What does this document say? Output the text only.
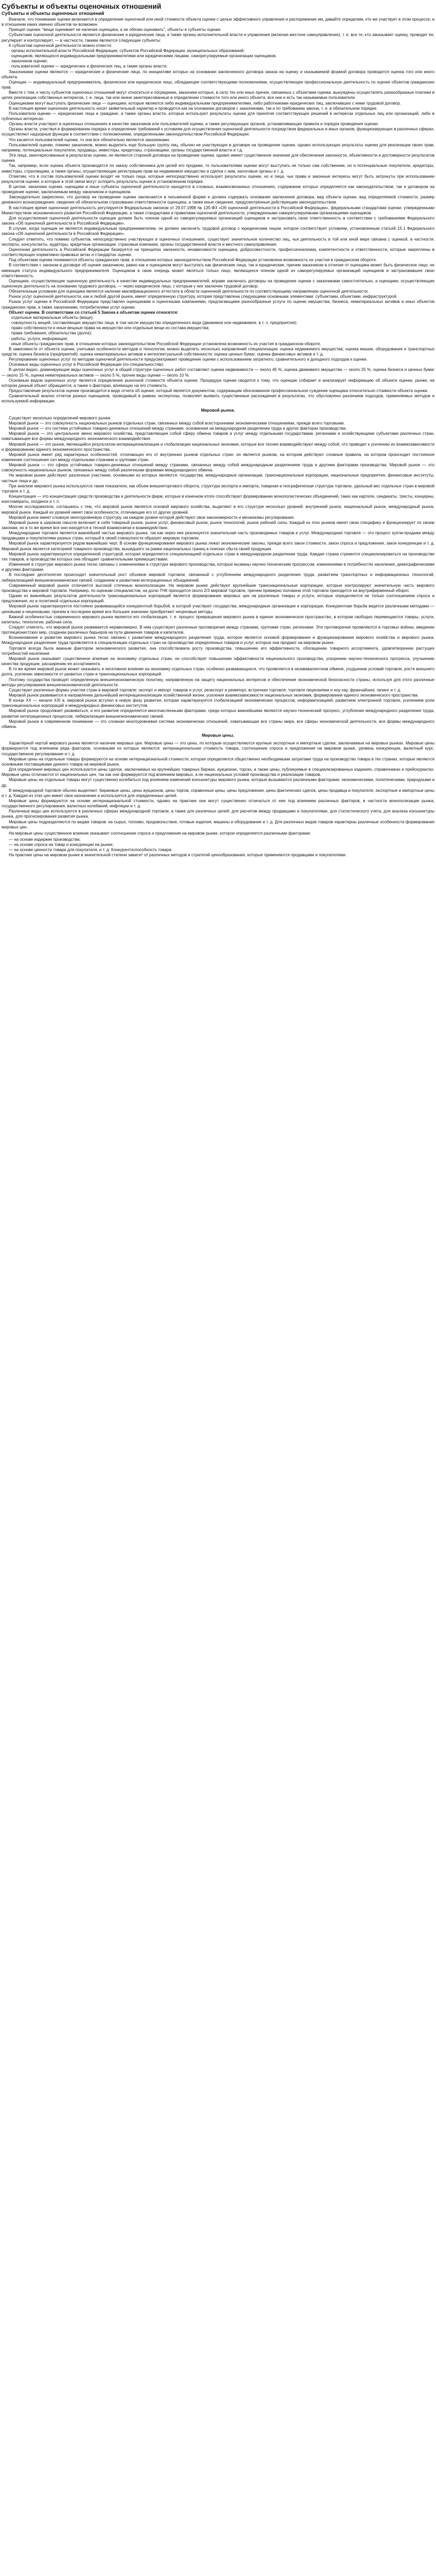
Субъекты и объекты оценочных отношений
Субъекты и объекты оценочных отношений

Вначале, что понимание оценки включается в определение оценочной или иной стоимости объекта оценки с целью эффективного управления и распоряжения им, давайте определим, кто же участвует в этом процессе, и в отношении каких именно объектов он возможен.

Принцип оценки: "вещи оценивает не наличие оценщика, а не обязан оценивать", объекты и субъекты оценки.

Субъектами оценочной деятельности являются физические и юридические лица, а также органы исполнительной власти и управления (включая местное самоуправление), т. е. все те, кто заказывает оценку, проводит ее, регулирует и контролирует, — в частности, такими являются следующие субъекты:

К субъектам оценочной деятельности можно отнести:

· органы исполнительной власти Российской Федерации, субъектов Российской Федерации, муниципальных образований;

· оценщиков, являющихся индивидуальными предпринимателями или юридическими лицами, саморегулируемые организации оценщиков;

· заказчиков оценки;

· пользователей оценки — юридических и физических лиц, а также органы власти.

Заказчиками оценки являются — юридические и физические лица, по инициативе которых на основании заключенного договора заказа на оценку и оказываемой формой договора проводится оценка того или иного объекта.

Оценщик — индивидуальный предприниматель, физическое или юридическое лицо, обладающее соответствующими полномочиями, осуществляющее профессиональную деятельность по оценке объектов гражданских прав.

Вместе с тем, к числу субъектов оценочных отношений могут относиться и посредники, заказчики которых, в силу тех или иных причин, связанных с объектами оценки, вынуждены осуществлять разнообразные платежи в целях реализации собственных интересов, т. е. лица, так или иначе заинтересованные в определении стоимости того или иного объекта, все они и есть так называемые пользователи.

Оценщиками могут выступать физические лица — оценщики, которые являются либо индивидуальными предпринимателями, либо работниками юридических лиц, заключивших с ними трудовой договор.

В настоящее время оценочная деятельность носит заявительный характер и проводится как на основании договоров с заказчиками, так и по требованию закона, т. е. в обязательном порядке.

Пользователи оценки — юридические лица и граждане, а также органы власти, которые используют результаты оценки для принятия соответствующих решений в интересах отдельных лиц или организаций, либо в публичных интересах.

Органы власти участвуют в оценочных отношениях в качестве заказчиков или пользователей оценки, а также регулирующих органов, устанавливающих правила и порядок проведения оценки.

Органы власти, участвуя в формировании порядка и определении требований к условиям для осуществления оценочной деятельности посредством федеральных и иных органов, функционирующих в различных сферах, осуществляют надзорные функции в соответствии с полномочиями, определенными законодательством Российской Федерации.

Что касается пользователей оценки, то они все обязательно являются заказчиками.

Пользователей оценки, помимо заказчиков, можно выделить еще большую группу лиц, обычно не участвующих в договоре на проведение оценки, однако использующих результаты оценки для реализации своих прав, например, потенциальные покупатели, продавцы, инвесторы, кредиторы, страховщики, органы государственной власти и т.д.

Эти лица, заинтересованные в результатах оценки, не являются стороной договора на проведение оценки, однако имеют существенное значение для обеспечения законности, объективности и достоверности результатов оценки.

Так, например, если оценка объекта производится по заказу собственника для целей его продажи, то пользователями оценки могут выступать не только сам собственник, но и потенциальные покупатели, кредиторы, инвесторы, страховщики, а также органы, осуществляющие регистрацию прав на недвижимое имущество и сделок с ним, налоговые органы и т. д.

Отметим, что в состав пользователей оценки входят не только лица, которые непосредственно используют результаты оценки, но и лица, чьи права и законные интересы могут быть затронуты при использовании результатов оценки, и которые в этой связи могут оспорить результаты оценки в установленном порядке.

В целом, заказчики оценки, оценщики и иные субъекты оценочной деятельности находятся в сложных, взаимосвязанных отношениях, содержание которых определяется как законодательством, так и договором на проведение оценки, заключаемым между заказчиком и оценщиком.

Законодательно закреплено, что договор на проведение оценки заключается в письменной форме и должен содержать основания заключения договора, вид объекта оценки, вид определяемой стоимости, размер денежного вознаграждения, сведения об обязательном страховании ответственности оценщика, а также иные сведения, предусмотренные действующим законодательством.

В настоящее время оценочная деятельность регулируется Федеральным законом от 29.07.1998 № 135-ФЗ «Об оценочной деятельности в Российской Федерации», федеральными стандартами оценки, утвержденными Министерством экономического развития Российской Федерации, а также стандартами и правилами оценочной деятельности, утвержденными саморегулируемыми организациями оценщиков.

Для осуществления оценочной деятельности оценщик должен быть членом одной из саморегулируемых организаций оценщиков и застраховать свою ответственность в соответствии с требованиями Федерального закона «Об оценочной деятельности в Российской Федерации».

В случае, когда оценщик не является индивидуальным предпринимателем, он должен заключить трудовой договор с юридическим лицом, которое соответствует условиям, установленным статьей 15.1 Федерального закона «Об оценочной деятельности в Российской Федерации».

Следует отметить, что помимо субъектов, непосредственно участвующих в оценочных отношениях, существует значительное количество лиц, чья деятельность в той или иной мере связана с оценкой, в частности: эксперты, консультанты, аудиторы, кредитные организации, страховые компании, органы государственной власти и местного самоуправления.

Оценочная деятельность в Российской Федерации базируется на принципах законности, независимости оценщика, добросовестности, профессионализма, компетентности и ответственности, которые закреплены в соответствующих нормативно-правовых актах и стандартах оценки.

Под объектами оценки понимаются объекты гражданских прав, в отношении которых законодательством Российской Федерации установлена возможность их участия в гражданском обороте.

В соответствии с законом в договоре об оценке заказчиком, равно как и оценщиком могут выступать как физические лица, так и юридические, причем заказчиком в отличие от оценщика может быть физическое лицо, не имеющее статуса индивидуального предпринимателя. Оценщиком в свою очередь может являться только лицо, являющееся членом одной из саморегулируемых организаций оценщиков и застраховавшее свою ответственность.

Оценщики, осуществляющие оценочную деятельность в качестве индивидуальных предпринимателей, вправе заключать договоры на проведение оценки с заказчиками самостоятельно, а оценщики, осуществляющие оценочную деятельность на основании трудового договора, — через юридическое лицо, с которым у них заключен трудовой договор.

Обязательным условием для оценщика является наличие квалификационного аттестата в области оценочной деятельности по соответствующему направлению оценочной деятельности.

Рынок услуг оценочной деятельности, как и любой другой рынок, имеет определенную структуру, которая представлена следующими основными элементами: субъектами, объектами, инфраструктурой.

Рынок услуг оценки в Российской Федерации представлен оценщиками и оценочными компаниями, предлагающими разнообразные услуги по оценке имущества, бизнеса, нематериальных активов и иных объектов гражданских прав, а также заказчиками, потребителями услуг оценки.

Объект оценки. В соответствии со статьей 5 Закона к объектам оценки относятся:

· отдельные материальные объекты (вещи);

· совокупность вещей, составляющих имущество лица, в том числе имущество определенного вида (движимое или недвижимое, в т. ч. предприятия);

· право собственности и иные вещные права на имущество или отдельные вещи из состава имущества;

· права требования, обязательства (долги);

· работы, услуги, информация;

· иные объекты гражданских прав, в отношении которых законодательством Российской Федерации установлена возможность их участия в гражданском обороте.

В зависимости от объекта оценки, учитывая особенности методов и технологии, можно выделить несколько направлений специализации: оценка недвижимого имущества; оценка машин, оборудования и транспортных средств; оценка бизнеса (предприятий); оценка нематериальных активов и интеллектуальной собственности; оценка ценных бумаг; оценка финансовых активов и т. д.

Регулирование оценочных услуг по методам оценочной деятельности предусматривает проведение оценки с использованием затратного, сравнительного и доходного подходов к оценке.

Основные виды оценочных услуг в Российской Федерации (по специальностям):

В целом видно, доминирующие виды оценочных услуг в общей структуре оценочных работ составляют оценка недвижимости — около 45 %, оценка движимого имущества — около 25 %, оценка бизнеса и ценных бумаг — около 15 %, оценка нематериальных активов — около 5 %, прочие виды оценки — около 10 %.

Основным видом оценочных услуг является определение рыночной стоимости объекта оценки. Процедура оценки сводится к тому, что оценщик собирает и анализирует информацию об объекте оценки, рынке, на котором данный объект обращается, а также о факторах, влияющих на его стоимость.

Предоставление результатов оценки производится в виде отчета об оценке, который является документом, содержащим обоснованное профессиональное суждение оценщика относительно стоимости объекта оценки.

Сравнительный анализ отчетов разных оценщиков, проводимый в рамках экспертизы, позволяет выявить существенные расхождения в результатах, что обусловлено различием подходов, применяемых методов и используемой информации.

Мировой рынок.

Существует несколько определений мирового рынка:

Мировой рынок — это совокупность национальных рынков отдельных стран, связанных между собой всесторонними экономическими отношениями, прежде всего торговыми.

Мировой рынок — это система устойчивых товарно-денежных отношений между странами, основанная на международном разделении труда и других факторах производства.

Мировой рынок — это центральное звено мирового хозяйства, представляющее собой сферу обмена товаров и услуг между отдельными государствами, регионами и хозяйствующими субъектами различных стран, охватывающее все формы международного экономического взаимодействия.

Мировой рынок — это рынок, являющийся результатом интернационализации и глобализации национальных экономик, которые все теснее взаимодействуют между собой, что приводит к усилению их взаимозависимости и формированию единого экономического пространства.

Мировой рынок имеет ряд характерных особенностей, отличающих его от внутренних рынков отдельных стран: он является рынком, на котором действуют сложные правила, на котором происходит постоянное изменение соотношения сил между отдельными странами и группами стран.

Мировой рынок — это сфера устойчивых товарно-денежных отношений между странами, связанных между собой международным разделением труда и другими факторами производства. Мировой рынок — это совокупность национальных рынков, связанных между собой различными формами международного обмена.

На мировом рынке действуют различные участники, основными из которых являются: государства, международные организации, транснациональные корпорации, национальные предприятия, финансовые институты, частные лица и др.

При анализе мирового рынка используются такие показатели, как объем внешнеторгового оборота, структура экспорта и импорта, товарная и географическая структура торговли, удельный вес отдельных стран в мировой торговле и т. д.

Концентрация — это концентрация средств производства и деятельности фирм, которые в конечном итоге способствуют формированию монополистических объединений, таких как картели, синдикаты, тресты, концерны, конгломераты, холдинги и т. п.

Многие исследователи, соглашаясь с тем, что мировой рынок является основой мирового хозяйства, выделяют в его структуре несколько уровней: внутренний рынок, национальный рынок, международный рынок, мировой рынок. Каждый из уровней имеет свои особенности, отличающие его от других уровней.

Мировой рынок имеет сложную многоуровневую структуру, на каждом уровне которой действуют свои закономерности и механизмы регулирования.

Мировой рынок в широком смысле включает в себя товарный рынок, рынок услуг, финансовый рынок, рынок технологий, рынок рабочей силы. Каждый из этих рынков имеет свою специфику и функционирует по своим законам, но в то же время все они находятся в тесной взаимосвязи и взаимодействии.

Международная торговля является важнейшей частью мирового рынка, так как через нее реализуется значительная часть производимых товаров и услуг. Международная торговля — это процесс купли-продажи между продавцами и покупателями разных стран, который в своей совокупности образует мировую торговлю.

Мировой рынок характеризуется рядом важнейших черт. В основе функционирования мирового рынка лежат экономические законы, прежде всего закон стоимости, закон спроса и предложения, закон конкуренции и т. д. Мировой рынок является категорией товарного производства, вышедшего за рамки национальных границ в поисках сбыта своей продукции.

Мировой рынок характеризуется определенной структурой, которая определяется специализацией отдельных стран в международном разделении труда. Каждая страна стремится специализироваться на производстве тех товаров, в производстве которых она обладает сравнительными преимуществами.

Изменения в структуре мирового рынка тесно связаны с изменениями в структуре мирового производства, которые вызваны научно-техническим прогрессом, изменениями в потребностях населения, демографическими и другими факторами.

В последние десятилетия происходит значительный рост объемов мировой торговли, связанный с углублением международного разделения труда, развитием транспортных и информационных технологий, либерализацией внешнеэкономических связей, созданием и развитием интеграционных объединений.

Современный мировой рынок отличается высокой степенью монополизации. На мировом рынке действуют крупнейшие транснациональные корпорации, которые контролируют значительную часть мирового производства и мировой торговли. Например, по оценкам специалистов, на долю ТНК приходится около 2/3 мировой торговли, причем примерно половина этой торговли приходится на внутрифирменный оборот.

Одним из важнейших результатов деятельности транснациональных корпораций является формирование мировых цен на различные товары и услуги, которые определяются не только соотношением спроса и предложения, но и политикой отдельных корпораций.

Мировой рынок характеризуется постоянно развивающейся конкурентной борьбой, в которой участвуют государства, международные организации и корпорации. Конкурентная борьба ведется различными методами — ценовыми и неценовыми, причем в последнее время все большее значение приобретают неценовые методы.

Важной особенностью современного мирового рынка является его глобализация, т. е. процесс превращения мирового рынка в единое экономическое пространство, в котором свободно перемещаются товары, услуги, капиталы, технологии, рабочая сила.

Следует отметить, что мировой рынок развивается неравномерно. В нем существуют различные противоречия между странами, группами стран, регионами. Эти противоречия проявляются в торговых войнах, введении протекционистских мер, создании различных барьеров на пути движения товаров и капиталов.

Возникновение и развитие мирового рынка тесно связано с развитием международного разделения труда, которое является основой формирования и функционирования мирового хозяйства и мирового рынка. Международное разделение труда проявляется в специализации отдельных стран на производстве определенных товаров и услуг, которые они продают на мировом рынке.

Торговля всегда была важным фактором экономического развития, она способствовала росту производства, повышению его эффективности, обогащению товарного ассортимента, удовлетворению растущих потребностей населения.

Мировой рынок оказывает существенное влияние на экономику отдельных стран, он способствует повышению эффективности национального производства, ускорению научно-технического прогресса, улучшению качества продукции, расширению ее ассортимента.

В то же время мировой рынок может оказывать и негативное влияние на экономику отдельных стран, особенно развивающихся, что проявляется в неэквивалентном обмене, ухудшении условий торговли, росте внешнего долга, усилении зависимости от развитых стран и транснациональных корпораций.

Поэтому государства проводят определенную внешнеэкономическую политику, направленную на защиту национальных интересов и обеспечение экономической безопасности страны, используя для этого различные методы регулирования внешнеэкономической деятельности.

Существуют различные формы участия стран в мировой торговле: экспорт и импорт товаров и услуг, реэкспорт и реимпорт, встречная торговля, торговля лицензиями и ноу-хау, франчайзинг, лизинг и т. д.

Мировой рынок развивается в направлении дальнейшей интернационализации хозяйственной жизни, усиления взаимозависимости национальных экономик, формирования единого экономического пространства.

В конце ХХ — начале ХХI в. мировой рынок вступил в новую фазу развития, которая характеризуется глобализацией экономических процессов, информатизацией, развитием электронной торговли, усилением роли транснациональных корпораций и международных финансовых институтов.

Мировой рынок продолжает развиваться, и его развитие определяется многочисленными факторами, среди которых важнейшими являются научно-технический прогресс, углубление международного разделения труда, развитие интеграционных процессов, либерализация внешнеэкономических связей.

Мировой рынок в современном понимании — это сложная многоуровневая система экономических отношений, охватывающая все страны мира, все сферы экономической деятельности, все формы международного обмена.

Мировые цены.

Характерной чертой мирового рынка является наличие мировых цен. Мировые цены — это цены, по которым осуществляются крупные экспортные и импортные сделки, заключаемые на мировых рынках. Мировые цены формируются под влиянием ряда факторов, основными из которых являются: интернациональная стоимость товара, соотношение спроса и предложения на мировом рынке, уровень конкуренции, валютный курс, государственное регулирование и т. д.

Мировые цены на отдельные товары формируются на основе интернациональной стоимости, которая определяется общественно необходимыми затратами труда на производство товара в тех странах, которые являются основными поставщиками данного товара на мировой рынок.

Для определения мировых цен используются цены сделок, заключаемых на крупнейших товарных биржах, аукционах, торгах, а также цены, публикуемые в специализированных изданиях, справочниках и прейскурантах. Мировые цены отличаются от национальных цен, так как они формируются под влиянием мировых, а не национальных условий производства и реализации товаров.

Мировые цены на отдельные товары могут существенно колебаться под влиянием изменений конъюнктуры мирового рынка, которые вызываются различными факторами: экономическими, политическими, природными и др.

В международной торговле обычно выделяют: биржевые цены, цены аукционов, цены торгов, справочные цены, цены предложения, цены фактических сделок, цены продавца и покупателя, экспортные и импортные цены и т. д. Каждая из этих цен имеет свое назначение и используется для определенных целей.

Мировые цены формируются на основе интернациональной стоимости, однако на практике они могут существенно отличаться от нее под влиянием различных факторов, в частности монополизации рынка, государственного регулирования, валютных колебаний, инфляции и т. д.

Различные виды цен используются в различных сферах международной торговли, а также для различных целей: для расчетов между продавцами и покупателями, для статистического учета, для анализа конъюнктуры рынка, для прогнозирования развития рынка.

Мировые цены подразделяются по видам товаров: на сырье, топливо, продовольствие, готовые изделия, машины и оборудование и т. д. Для различных видов товаров характерны различные особенности формирования мировых цен.

На мировые цены существенное влияние оказывает соотношение спроса и предложения на мировом рынке, которое определяется различными факторами:

— на основе издержек производства;

— на основе спроса на товар и конкуренции на рынке;

— на основе ценности товара для покупателя, и т. д. Конкурентоспособность товара.

На практике цены на мировом рынке в значительной степени зависят от различных методов и стратегий ценообразования, которые применяются продавцами и покупателями.
